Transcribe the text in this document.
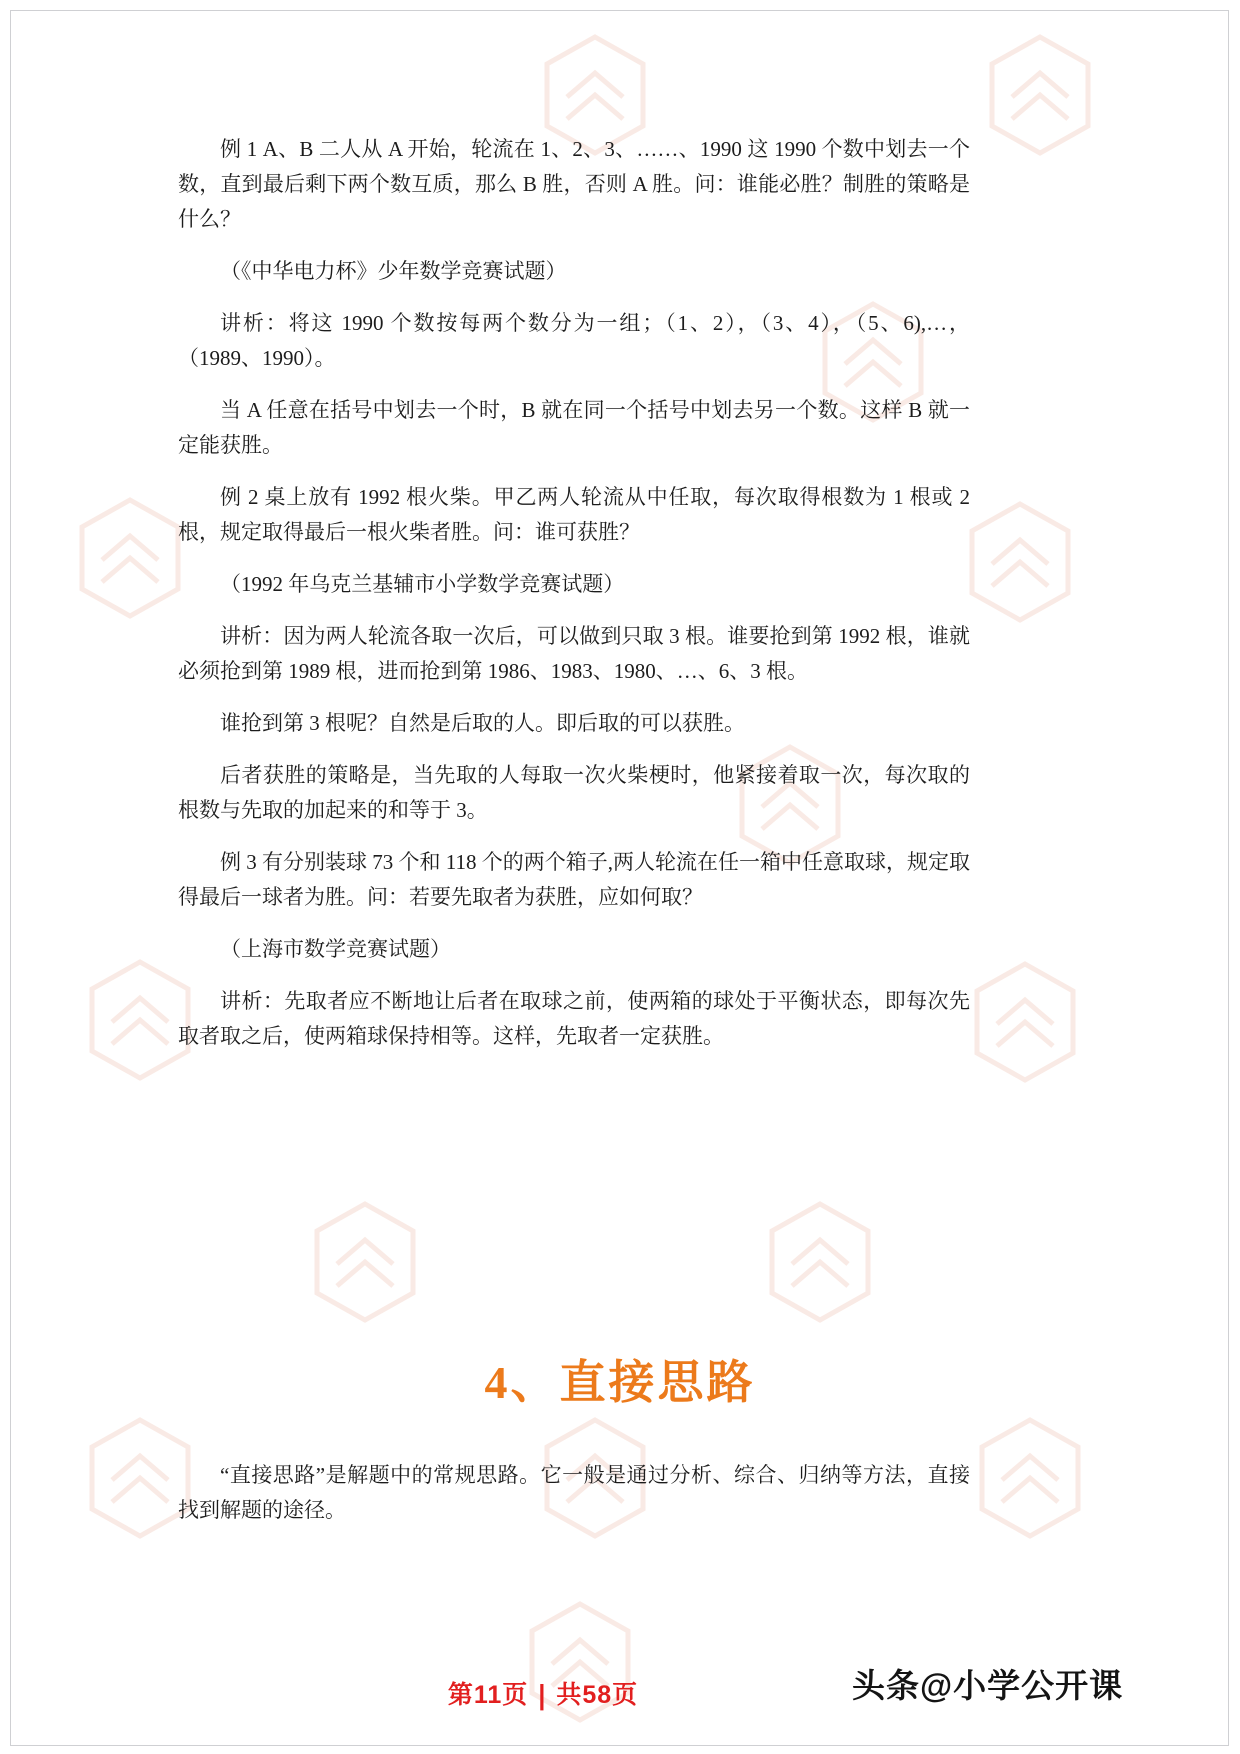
例 1 A、B 二人从 A 开始，轮流在 1、2、3、……、1990 这 1990 个数中划去一个数，直到最后剩下两个数互质，那么 B 胜，否则 A 胜。问：谁能必胜？制胜的策略是什么？

（《中华电力杯》少年数学竞赛试题）

讲析：将这 1990 个数按每两个数分为一组；（1、2），（3、4），（5、6),…，（1989、1990）。

当 A 任意在括号中划去一个时，B 就在同一个括号中划去另一个数。这样 B 就一定能获胜。

例 2 桌上放有 1992 根火柴。甲乙两人轮流从中任取，每次取得根数为 1 根或 2 根，规定取得最后一根火柴者胜。问：谁可获胜？

（1992 年乌克兰基辅市小学数学竞赛试题）

讲析：因为两人轮流各取一次后，可以做到只取 3 根。谁要抢到第 1992 根，谁就必须抢到第 1989 根，进而抢到第 1986、1983、1980、…、6、3 根。

谁抢到第 3 根呢？自然是后取的人。即后取的可以获胜。

后者获胜的策略是，当先取的人每取一次火柴梗时，他紧接着取一次，每次取的根数与先取的加起来的和等于 3。

例 3 有分别装球 73 个和 118 个的两个箱子,两人轮流在任一箱中任意取球，规定取得最后一球者为胜。问：若要先取者为获胜，应如何取？

（上海市数学竞赛试题）

讲析：先取者应不断地让后者在取球之前，使两箱的球处于平衡状态，即每次先取者取之后，使两箱球保持相等。这样，先取者一定获胜。

4、直接思路

“直接思路”是解题中的常规思路。它一般是通过分析、综合、归纳等方法，直接找到解题的途径。

第11页 | 共58页	头条@小学公开课
